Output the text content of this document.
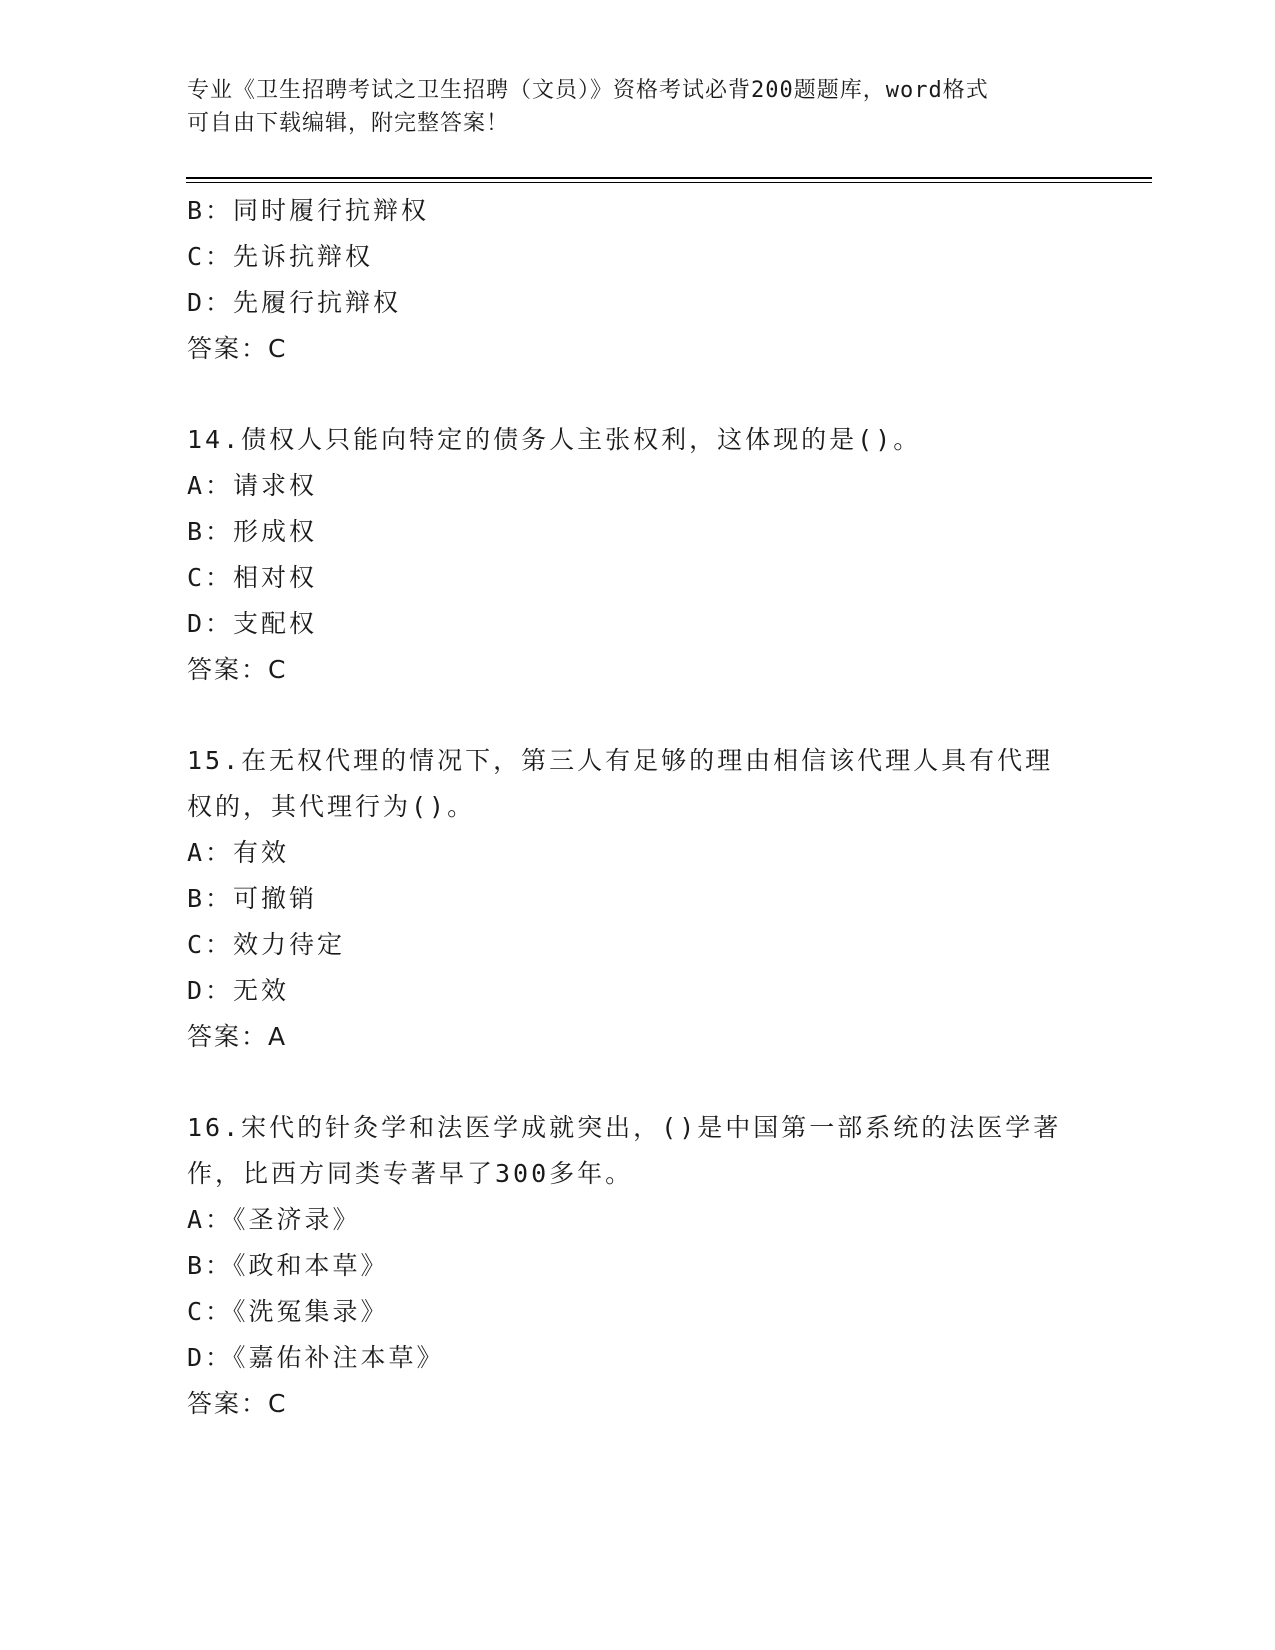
专业《卫生招聘考试之卫生招聘（文员）》资格考试必背200题题库，word格式
可自由下载编辑，附完整答案！
B：同时履行抗辩权
C：先诉抗辩权
D：先履行抗辩权
答案：C
14.债权人只能向特定的债务人主张权利，这体现的是()。
A：请求权
B：形成权
C：相对权
D：支配权
答案：C
15.在无权代理的情况下，第三人有足够的理由相信该代理人具有代理
权的，其代理行为()。
A：有效
B：可撤销
C：效力待定
D：无效
答案：A
16.宋代的针灸学和法医学成就突出，()是中国第一部系统的法医学著
作，比西方同类专著早了300多年。
A：《圣济录》
B：《政和本草》
C：《洗冤集录》
D：《嘉佑补注本草》
答案：C
